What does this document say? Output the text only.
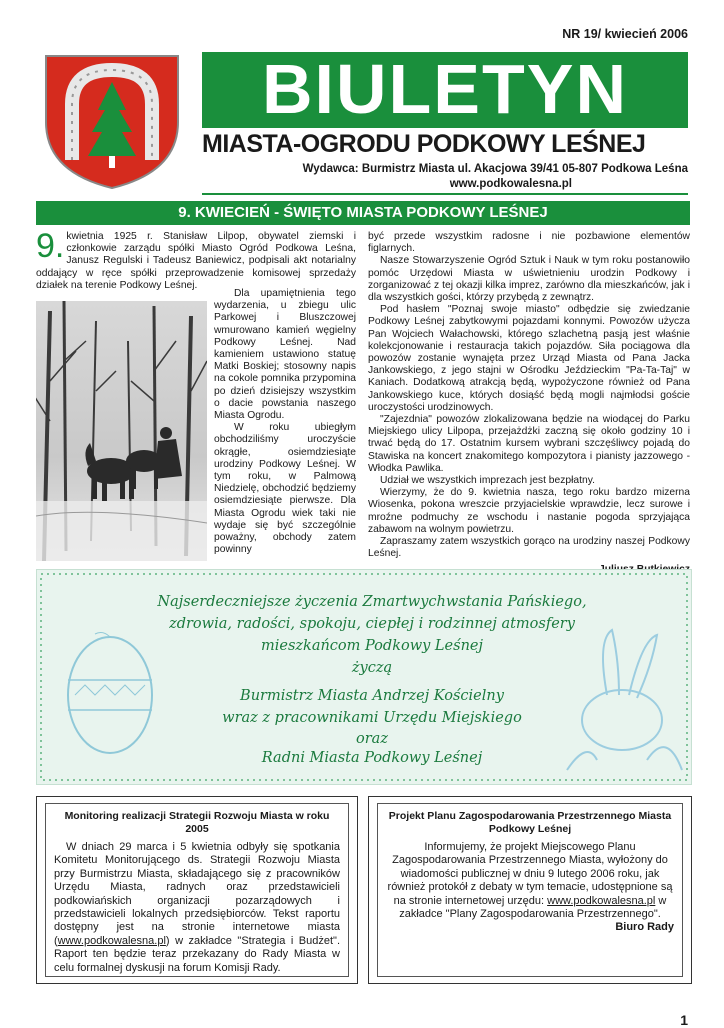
NR 19/ kwiecień 2006
BIULETYN
MIASTA-OGRODU PODKOWY LEŚNEJ
Wydawca: Burmistrz Miasta ul. Akacjowa 39/41 05-807 Podkowa Leśna
www.podkowalesna.pl
9. KWIECIEŃ - ŚWIĘTO MIASTA PODKOWY LEŚNEJ

9. kwietnia 1925 r. Stanisław Lilpop, obywatel ziemski i członkowie zarządu spółki Miasto Ogród Podkowa Leśna, Janusz Regulski i Tadeusz Baniewicz, podpisali akt notarialny oddający w ręce spółki przeprowadzenie komisowej sprzedaży działek na terenie Podkowy Leśnej.

Dla upamiętnienia tego wydarzenia, u zbiegu ulic Parkowej i Bluszczowej wmurowano kamień węgielny Podkowy Leśnej. Nad kamieniem ustawiono statuę Matki Boskiej; stosowny napis na cokole pomnika przypomina po dzień dzisiejszy wszystkim o dacie powstania naszego Miasta Ogrodu.

W roku ubiegłym obchodziliśmy uroczyście okrągłe, osiemdziesiąte urodziny Podkowy Leśnej. W tym roku, w Palmową Niedzielę, obchodzić będziemy osiemdziesiąte pierwsze. Dla Miasta Ogrodu wiek taki nie wydaje się być szczególnie poważny, obchody zatem powinny

być przede wszystkim radosne i nie pozbawione elementów figlarnych.

Nasze Stowarzyszenie Ogród Sztuk i Nauk w tym roku postanowiło pomóc Urzędowi Miasta w uświetnieniu urodzin Podkowy i zorganizować z tej okazji kilka imprez, zarówno dla mieszkańców, jak i dla wszystkich gości, którzy przybędą z zewnątrz.

Pod hasłem "Poznaj swoje miasto" odbędzie się zwiedzanie Podkowy Leśnej zabytkowymi pojazdami konnymi. Powozów użycza Pan Wojciech Wałachowski, którego szlachetną pasją jest właśnie kolekcjonowanie i restauracja takich pojazdów. Siła pociągowa dla powozów zostanie wynajęta przez Urząd Miasta od Pana Jacka Jankowskiego, z jego stajni w Ośrodku Jeździeckim "Pa-Ta-Taj" w Kaniach. Dodatkową atrakcją będą, wypożyczone również od Pana Jankowskiego kuce, których dosiąść będą mogli najmłodsi goście uroczystości urodzinowych.

"Zajezdnia" powozów zlokalizowana będzie na wiodącej do Parku Miejskiego ulicy Lilpopa, przejażdżki zaczną się około godziny 10 i trwać będą do 17. Ostatnim kursem wybrani szczęśliwcy pojadą do Stawiska na koncert znakomitego kompozytora i pianisty jazzowego - Włodka Pawlika.

Udział we wszystkich imprezach jest bezpłatny.

Wierzymy, że do 9. kwietnia nasza, tego roku bardzo mizerna Wiosenka, pokona wreszcie przyjacielskie wprawdzie, lecz surowe i mroźne podmuchy ze wschodu i nastanie pogoda sprzyjająca zabawom na wolnym powietrzu.

Zapraszamy zatem wszystkich gorąco na urodziny naszej Podkowy Leśnej.

Najserdeczniejsze życzenia Zmartwychwstania Pańskiego,
zdrowia, radości, spokoju, ciepłej i rodzinnej atmosfery
mieszkańcom Podkowy Leśnej
życzą
Burmistrz Miasta Andrzej Kościelny
wraz z pracownikami Urzędu Miejskiego
oraz
Radni Miasta Podkowy Leśnej
Monitoring realizacji Strategii Rozwoju Miasta w roku 2005

W dniach 29 marca i 5 kwietnia odbyły się spotkania Komitetu Monitorującego ds. Strategii Rozwoju Miasta przy Burmistrzu Miasta, składającego się z pracowników Urzędu Miasta, radnych oraz przedstawicieli podkowiańskich organizacji pozarządowych i przedstawicieli lokalnych przedsiębiorców. Tekst raportu dostępny jest na stronie internetowe miasta (www.podkowalesna.pl) w zakładce "Strategia i Budżet". Raport ten będzie teraz przekazany do Rady Miasta w celu formalnej dyskusji na forum Komisji Rady.

Projekt Planu Zagospodarowania Przestrzennego Miasta Podkowy Leśnej

Informujemy, że projekt Miejscowego Planu Zagospodarowania Przestrzennego Miasta, wyłożony do wiadomości publicznej w dniu 9 lutego 2006 roku, jak również protokół z debaty w tym temacie, udostępnione są na stronie internetowej urzędu: www.podkowalesna.pl w zakładce "Plany Zagospodarowania Przestrzennego".

Biuro Rady

1
